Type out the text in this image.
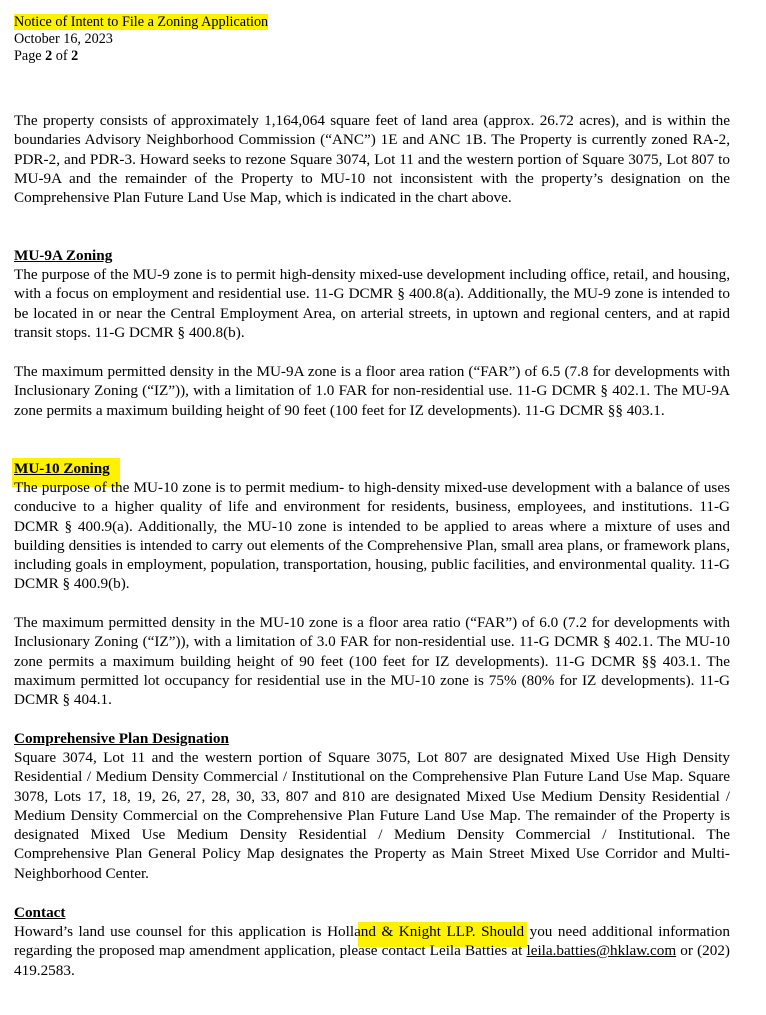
Notice of Intent to File a Zoning Application
October 16, 2023
Page 2 of 2

The property consists of approximately 1,164,064 square feet of land area (approx. 26.72 acres), and is within the boundaries Advisory Neighborhood Commission (“ANC”) 1E and ANC 1B. The Property is currently zoned RA-2, PDR-2, and PDR-3. Howard seeks to rezone Square 3074, Lot 11 and the western portion of Square 3075, Lot 807 to MU-9A and the remainder of the Property to MU-10 not inconsistent with the property’s designation on the Comprehensive Plan Future Land Use Map, which is indicated in the chart above.

MU-9A Zoning

The purpose of the MU-9 zone is to permit high-density mixed-use development including office, retail, and housing, with a focus on employment and residential use. 11-G DCMR § 400.8(a). Additionally, the MU-9 zone is intended to be located in or near the Central Employment Area, on arterial streets, in uptown and regional centers, and at rapid transit stops. 11-G DCMR § 400.8(b).

The maximum permitted density in the MU-9A zone is a floor area ration (“FAR”) of 6.5 (7.8 for developments with Inclusionary Zoning (“IZ”)), with a limitation of 1.0 FAR for non-residential use. 11-G DCMR § 402.1. The MU-9A zone permits a maximum building height of 90 feet (100 feet for IZ developments). 11-G DCMR §§ 403.1.

MU-10 Zoning

The purpose of the MU-10 zone is to permit medium- to high-density mixed-use development with a balance of uses conducive to a higher quality of life and environment for residents, business, employees, and institutions. 11-G DCMR § 400.9(a). Additionally, the MU-10 zone is intended to be applied to areas where a mixture of uses and building densities is intended to carry out elements of the Comprehensive Plan, small area plans, or framework plans, including goals in employment, population, transportation, housing, public facilities, and environmental quality. 11-G DCMR § 400.9(b).

The maximum permitted density in the MU-10 zone is a floor area ratio (“FAR”) of 6.0 (7.2 for developments with Inclusionary Zoning (“IZ”)), with a limitation of 3.0 FAR for non-residential use. 11-G DCMR § 402.1. The MU-10 zone permits a maximum building height of 90 feet (100 feet for IZ developments). 11-G DCMR §§ 403.1. The maximum permitted lot occupancy for residential use in the MU-10 zone is 75% (80% for IZ developments). 11-G DCMR § 404.1.

Comprehensive Plan Designation

Square 3074, Lot 11 and the western portion of Square 3075, Lot 807 are designated Mixed Use High Density Residential / Medium Density Commercial / Institutional on the Comprehensive Plan Future Land Use Map. Square 3078, Lots 17, 18, 19, 26, 27, 28, 30, 33, 807 and 810 are designated Mixed Use Medium Density Residential / Medium Density Commercial on the Comprehensive Plan Future Land Use Map. The remainder of the Property is designated Mixed Use Medium Density Residential / Medium Density Commercial / Institutional. The Comprehensive Plan General Policy Map designates the Property as Main Street Mixed Use Corridor and Multi-Neighborhood Center.

Contact

Howard’s land use counsel for this application is Holland & Knight LLP. Should you need additional information regarding the proposed map amendment application, please contact Leila Batties at leila.batties@hklaw.com or (202) 419.2583.
